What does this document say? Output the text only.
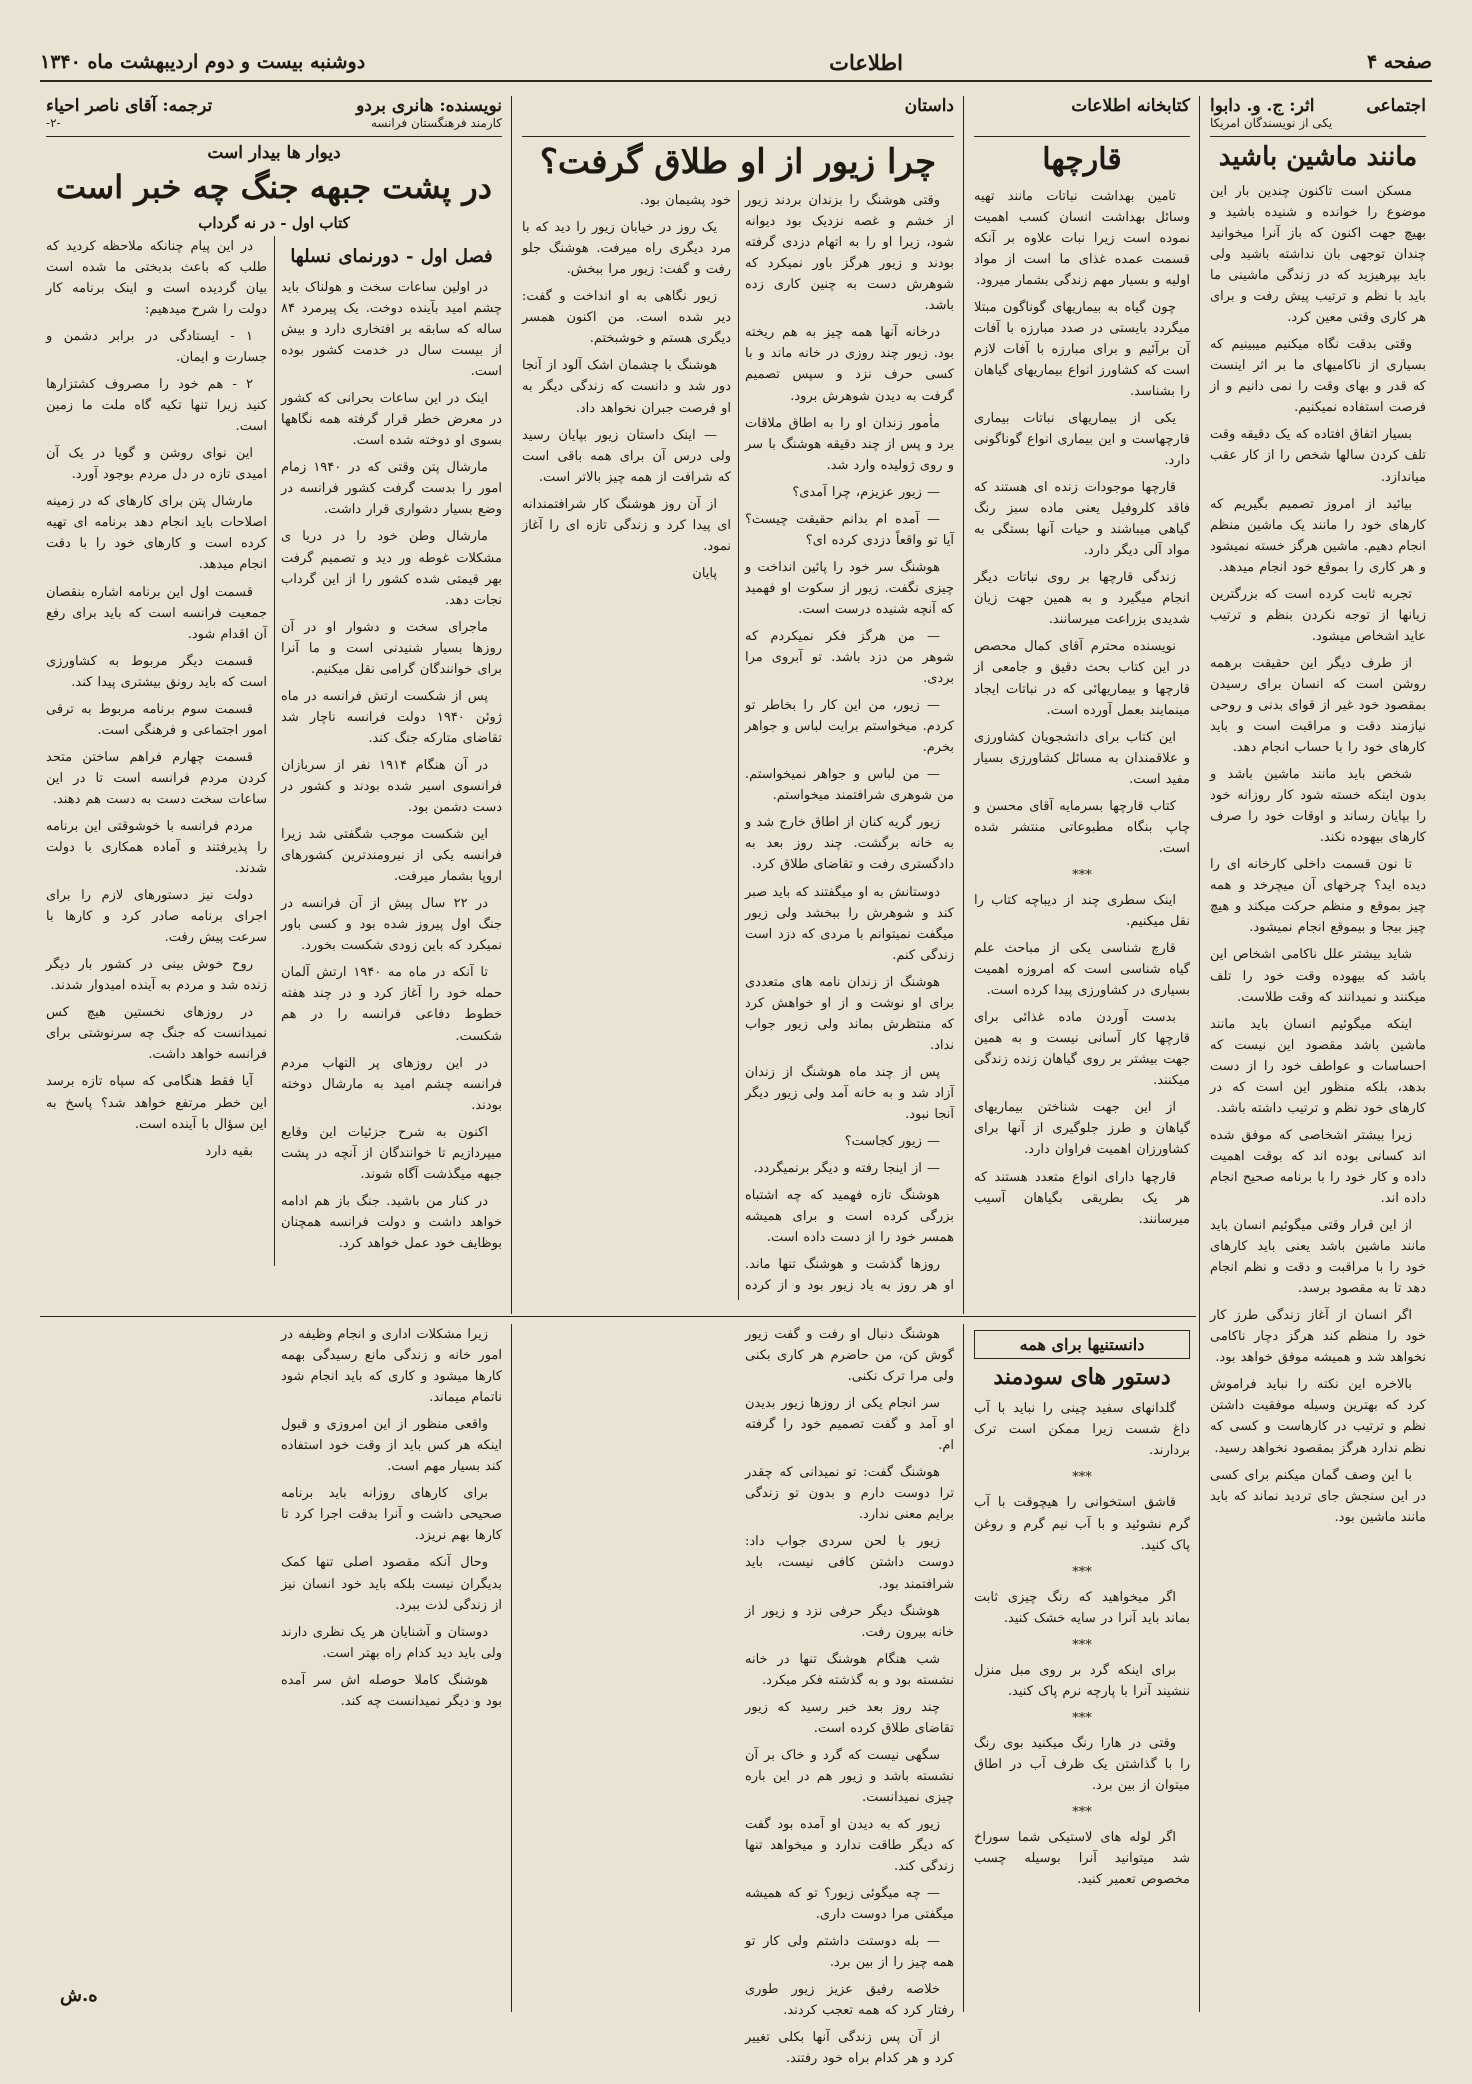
صفحه ۴
اطلاعات
دوشنبه بیست و دوم اردیبهشت ماه ۱۳۴۰
اجتماعی
اثر: ج. و. دابوا
یکی از نویسندگان امریکا
مانند ماشین باشید

مسکن است تاکنون چندین بار این موضوع را خوانده و شنیده باشید و بهیچ جهت اکنون که باز آنرا میخوانید چندان توجهی بان نداشته باشید ولی باید بپرهیزید که در زندگی ماشینی ما باید با نظم و ترتیب پیش رفت و برای هر کاری وقتی معین کرد.

وقتی بدقت نگاه میکنیم میبینیم که بسیاری از ناکامیهای ما بر اثر اینست که قدر و بهای وقت را نمی دانیم و از فرصت استفاده نمیکنیم.

بسیار اتفاق افتاده که یک دقیقه وقت تلف کردن سالها شخص را از کار عقب میاندازد.

بیائید از امروز تصمیم بگیریم که کارهای خود را مانند یک ماشین منظم انجام دهیم. ماشین هرگز خسته نمیشود و هر کاری را بموقع خود انجام میدهد.

تجربه ثابت کرده است که بزرگترین زیانها از توجه نکردن بنظم و ترتیب عاید اشخاص میشود.

از طرف دیگر این حقیقت برهمه روشن است که انسان برای رسیدن بمقصود خود غیر از قوای بدنی و روحی نیازمند دقت و مراقبت است و باید کارهای خود را با حساب انجام دهد.

شخص باید مانند ماشین باشد و بدون اینکه خسته شود کار روزانه خود را بپایان رساند و اوقات خود را صرف کارهای بیهوده نکند.

تا نون قسمت داخلی کارخانه ای را دیده اید؟ چرخهای آن میچرخد و همه چیز بموقع و منظم حرکت میکند و هیچ چیز بیجا و بیموقع انجام نمیشود.

شاید بیشتر علل ناکامی اشخاص این باشد که بیهوده وقت خود را تلف میکنند و نمیدانند که وقت طلاست.

اینکه میگوئیم انسان باید مانند ماشین باشد مقصود این نیست که احساسات و عواطف خود را از دست بدهد، بلکه منظور این است که در کارهای خود نظم و ترتیب داشته باشد.

زیرا بیشتر اشخاصی که موفق شده اند کسانی بوده اند که بوقت اهمیت داده و کار خود را با برنامه صحیح انجام داده اند.

از این قرار وقتی میگوئیم انسان باید مانند ماشین باشد یعنی باید کارهای خود را با مراقبت و دقت و نظم انجام دهد تا به مقصود برسد.

اگر انسان از آغاز زندگی طرز کار خود را منظم کند هرگز دچار ناکامی نخواهد شد و همیشه موفق خواهد بود.

بالاخره این نکته را نباید فراموش کرد که بهترین وسیله موفقیت داشتن نظم و ترتیب در کارهاست و کسی که نظم ندارد هرگز بمقصود نخواهد رسید.

با این وصف گمان میکنم برای کسی در این سنجش جای تردید نماند که باید مانند ماشین بود.

کتابخانه اطلاعات
قارچها

تامین بهداشت نباتات مانند تهیه وسائل بهداشت انسان کسب اهمیت نموده است زیرا نبات علاوه بر آنکه قسمت عمده غذای ما است از مواد اولیه و بسیار مهم زندگی بشمار میرود.

چون گیاه به بیماریهای گوناگون مبتلا میگردد بایستی در صدد مبارزه با آفات آن برآئیم و برای مبارزه با آفات لازم است که کشاورز انواع بیماریهای گیاهان را بشناسد.

یکی از بیماریهای نباتات بیماری قارچهاست و این بیماری انواع گوناگونی دارد.

قارچها موجودات زنده ای هستند که فاقد کلروفیل یعنی ماده سبز رنگ گیاهی میباشند و حیات آنها بستگی به مواد آلی دیگر دارد.

زندگی قارچها بر روی نباتات دیگر انجام میگیرد و به همین جهت زیان شدیدی بزراعت میرسانند.

نویسنده محترم آقای کمال محصص در این کتاب بحث دقیق و جامعی از قارچها و بیماریهائی که در نباتات ایجاد مینمایند بعمل آورده است.

این کتاب برای دانشجویان کشاورزی و علاقمندان به مسائل کشاورزی بسیار مفید است.

کتاب قارچها بسرمایه آقای محسن و چاپ بنگاه مطبوعاتی منتشر شده است.

***

اینک سطری چند از دیباچه کتاب را نقل میکنیم.

قارچ شناسی یکی از مباحث علم گیاه شناسی است که امروزه اهمیت بسیاری در کشاورزی پیدا کرده است.

بدست آوردن ماده غذائی برای قارچها کار آسانی نیست و به همین جهت بیشتر بر روی گیاهان زنده زندگی میکنند.

از این جهت شناختن بیماریهای گیاهان و طرز جلوگیری از آنها برای کشاورزان اهمیت فراوان دارد.

قارچها دارای انواع متعدد هستند که هر یک بطریقی بگیاهان آسیب میرسانند.

داستان
چرا زیور از او طلاق گرفت؟

وقتی هوشنگ را بزندان بردند زیور از خشم و غصه نزدیک بود دیوانه شود، زیرا او را به اتهام دزدی گرفته بودند و زیور هرگز باور نمیکرد که شوهرش دست به چنین کاری زده باشد.

درخانه آنها همه چیز به هم ریخته بود. زیور چند روزی در خانه ماند و با کسی حرف نزد و سپس تصمیم گرفت به دیدن شوهرش برود.

مأمور زندان او را به اطاق ملاقات برد و پس از چند دقیقه هوشنگ با سر و روی ژولیده وارد شد.

— زیور عزیزم، چرا آمدی؟

— آمده ام بدانم حقیقت چیست؟ آیا تو واقعاً دزدی کرده ای؟

هوشنگ سر خود را پائین انداخت و چیزی نگفت. زیور از سکوت او فهمید که آنچه شنیده درست است.

— من هرگز فکر نمیکردم که شوهر من دزد باشد. تو آبروی مرا بردی.

— زیور، من این کار را بخاطر تو کردم. میخواستم برایت لباس و جواهر بخرم.

— من لباس و جواهر نمیخواستم. من شوهری شرافتمند میخواستم.

زیور گریه کنان از اطاق خارج شد و به خانه برگشت. چند روز بعد به دادگستری رفت و تقاضای طلاق کرد.

دوستانش به او میگفتند که باید صبر کند و شوهرش را ببخشد ولی زیور میگفت نمیتوانم با مردی که دزد است زندگی کنم.

هوشنگ از زندان نامه های متعددی برای او نوشت و از او خواهش کرد که منتظرش بماند ولی زیور جواب نداد.

پس از چند ماه هوشنگ از زندان آزاد شد و به خانه آمد ولی زیور دیگر آنجا نبود.

— زیور کجاست؟

— از اینجا رفته و دیگر برنمیگردد.

هوشنگ تازه فهمید که چه اشتباه بزرگی کرده است و برای همیشه همسر خود را از دست داده است.

روزها گذشت و هوشنگ تنها ماند. او هر روز به یاد زیور بود و از کرده خود پشیمان بود.

یک روز در خیابان زیور را دید که با مرد دیگری راه میرفت. هوشنگ جلو رفت و گفت: زیور مرا ببخش.

زیور نگاهی به او انداخت و گفت: دیر شده است. من اکنون همسر دیگری هستم و خوشبختم.

هوشنگ با چشمان اشک آلود از آنجا دور شد و دانست که زندگی دیگر به او فرصت جبران نخواهد داد.

— اینک داستان زیور بپایان رسید ولی درس آن برای همه باقی است که شرافت از همه چیز بالاتر است.

از آن روز هوشنگ کار شرافتمندانه ای پیدا کرد و زندگی تازه ای را آغاز نمود.

پایان

نویسنده: هانری بردو
کارمند فرهنگستان فرانسه
ترجمه: آقای ناصر احیاء
-۲-
دیوار ها بیدار است
در پشت جبهه جنگ چه خبر است
کتاب اول - در نه گرداب
فصل اول - دورنمای نسلها

در اولین ساعات سخت و هولناک باید چشم امید بآینده دوخت. یک پیرمرد ۸۴ ساله که سابقه بر افتخاری دارد و بیش از بیست سال در خدمت کشور بوده است.

اینک در این ساعات بحرانی که کشور در معرض خطر قرار گرفته همه نگاهها بسوی او دوخته شده است.

مارشال پتن وقتی که در ۱۹۴۰ زمام امور را بدست گرفت کشور فرانسه در وضع بسیار دشواری قرار داشت.

مارشال وطن خود را در دریا ی مشکلات غوطه ور دید و تصمیم گرفت بهر قیمتی شده کشور را از این گرداب نجات دهد.

ماجرای سخت و دشوار او در آن روزها بسیار شنیدنی است و ما آنرا برای خوانندگان گرامی نقل میکنیم.

پس از شکست ارتش فرانسه در ماه ژوئن ۱۹۴۰ دولت فرانسه ناچار شد تقاضای متارکه جنگ کند.

در آن هنگام ۱۹۱۴ نفر از سربازان فرانسوی اسیر شده بودند و کشور در دست دشمن بود.

این شکست موجب شگفتی شد زیرا فرانسه یکی از نیرومندترین کشورهای اروپا بشمار میرفت.

در ۲۲ سال پیش از آن فرانسه در جنگ اول پیروز شده بود و کسی باور نمیکرد که باین زودی شکست بخورد.

تا آنکه در ماه مه ۱۹۴۰ ارتش آلمان حمله خود را آغاز کرد و در چند هفته خطوط دفاعی فرانسه را در هم شکست.

در این روزهای پر التهاب مردم فرانسه چشم امید به مارشال دوخته بودند.

اکنون به شرح جزئیات این وقایع میپردازیم تا خوانندگان از آنچه در پشت جبهه میگذشت آگاه شوند.

در کنار من باشید. جنگ باز هم ادامه خواهد داشت و دولت فرانسه همچنان بوظایف خود عمل خواهد کرد.

در این پیام چنانکه ملاحظه کردید که طلب که باعث بدبختی ما شده است بیان گردیده است و اینک برنامه کار دولت را شرح میدهیم:

۱ - ایستادگی در برابر دشمن و جسارت و ایمان.

۲ - هم خود را مصروف کشتزارها کنید زیرا تنها تکیه گاه ملت ما زمین است.

این نوای روشن و گویا در یک آن امیدی تازه در دل مردم بوجود آورد.

مارشال پتن برای کارهای که در زمینه اصلاحات باید انجام دهد برنامه ای تهیه کرده است و کارهای خود را با دقت انجام میدهد.

قسمت اول این برنامه اشاره بنقصان جمعیت فرانسه است که باید برای رفع آن اقدام شود.

قسمت دیگر مربوط به کشاورزی است که باید رونق بیشتری پیدا کند.

قسمت سوم برنامه مربوط به ترقی امور اجتماعی و فرهنگی است.

قسمت چهارم فراهم ساختن متحد کردن مردم فرانسه است تا در این ساعات سخت دست به دست هم دهند.

مردم فرانسه با خوشوقتی این برنامه را پذیرفتند و آماده همکاری با دولت شدند.

دولت نیز دستورهای لازم را برای اجرای برنامه صادر کرد و کارها با سرعت پیش رفت.

روح خوش بینی در کشور بار دیگر زنده شد و مردم به آینده امیدوار شدند.

در روزهای نخستین هیچ کس نمیدانست که جنگ چه سرنوشتی برای فرانسه خواهد داشت.

آیا فقط هنگامی که سپاه تازه برسد این خطر مرتفع خواهد شد؟ پاسخ به این سؤال با آینده است.

بقیه دارد

دانستنیها برای همه
دستور های سودمند

گلدانهای سفید چینی را نباید با آب داغ شست زیرا ممکن است ترک بردارند.

***

قاشق استخوانی را هیچوقت با آب گرم نشوئید و با آب نیم گرم و روغن پاک کنید.

***

اگر میخواهید که رنگ چیزی ثابت بماند باید آنرا در سایه خشک کنید.

***

برای اینکه گرد بر روی مبل منزل ننشیند آنرا با پارچه نرم پاک کنید.

***

وقتی در هارا رنگ میکنید بوی رنگ را با گذاشتن یک ظرف آب در اطاق میتوان از بین برد.

***

اگر لوله های لاستیکی شما سوراخ شد میتوانید آنرا بوسیله چسب مخصوص تعمیر کنید.

هوشنگ دنبال او رفت و گفت زیور گوش کن، من حاضرم هر کاری بکنی ولی مرا ترک نکنی.

سر انجام یکی از روزها زیور بدیدن او آمد و گفت تصمیم خود را گرفته ام.

هوشنگ گفت: تو نمیدانی که چقدر ترا دوست دارم و بدون تو زندگی برایم معنی ندارد.

زیور با لحن سردی جواب داد: دوست داشتن کافی نیست، باید شرافتمند بود.

هوشنگ دیگر حرفی نزد و زیور از خانه بیرون رفت.

شب هنگام هوشنگ تنها در خانه نشسته بود و به گذشته فکر میکرد.

چند روز بعد خبر رسید که زیور تقاضای طلاق کرده است.

سگهی نیست که گرد و خاک بر آن نشسته باشد و زیور هم در این باره چیزی نمیدانست.

زیور که به دیدن او آمده بود گفت که دیگر طاقت ندارد و میخواهد تنها زندگی کند.

— چه میگوئی زیور؟ تو که همیشه میگفتی مرا دوست داری.

— بله دوستت داشتم ولی کار تو همه چیز را از بین برد.

خلاصه رفیق عزیز زیور طوری رفتار کرد که همه تعجب کردند.

از آن پس زندگی آنها بکلی تغییر کرد و هر کدام براه خود رفتند.

زیرا مشکلات اداری و انجام وظیفه در امور خانه و زندگی مانع رسیدگی بهمه کارها میشود و کاری که باید انجام شود ناتمام میماند.

واقعی منظور از این امروزی و قبول اینکه هر کس باید از وقت خود استفاده کند بسیار مهم است.

برای کارهای روزانه باید برنامه صحیحی داشت و آنرا بدقت اجرا کرد تا کارها بهم نریزد.

وحال آنکه مقصود اصلی تنها کمک بدیگران نیست بلکه باید خود انسان نیز از زندگی لذت ببرد.

دوستان و آشنایان هر یک نظری دارند ولی باید دید کدام راه بهتر است.

هوشنگ کاملا حوصله اش سر آمده بود و دیگر نمیدانست چه کند.

ه.ش
